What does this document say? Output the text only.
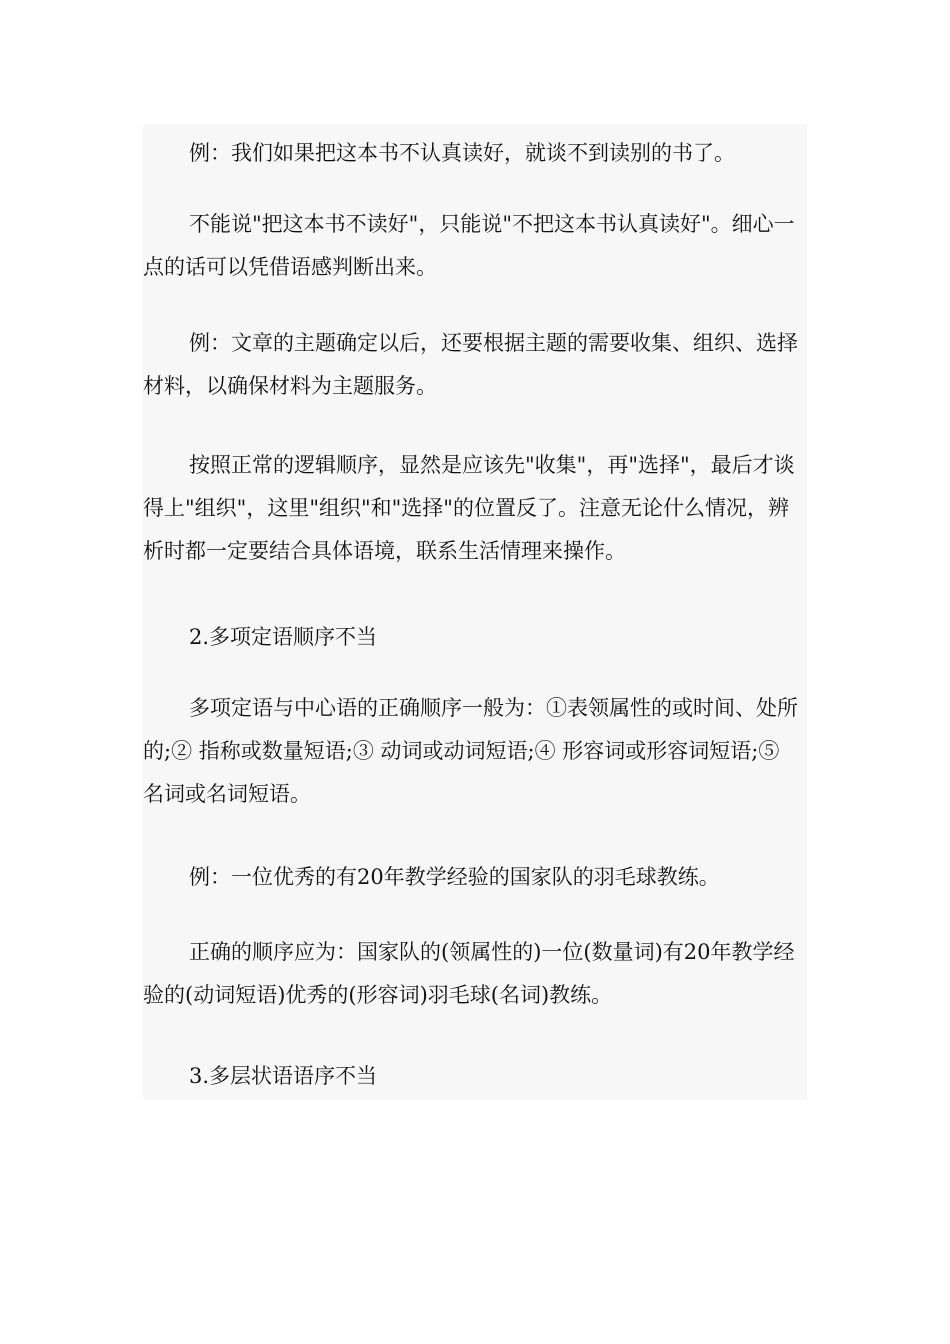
例：我们如果把这本书不认真读好，就谈不到读别的书了。

不能说"把这本书不读好"，只能说"不把这本书认真读好"。细心一点的话可以凭借语感判断出来。

例：文章的主题确定以后，还要根据主题的需要收集、组织、选择材料，以确保材料为主题服务。

按照正常的逻辑顺序，显然是应该先"收集"，再"选择"，最后才谈得上"组织"，这里"组织"和"选择"的位置反了。注意无论什么情况，辨析时都一定要结合具体语境，联系生活情理来操作。

2.多项定语顺序不当

多项定语与中心语的正确顺序一般为：①表领属性的或时间、处所的;② 指称或数量短语;③ 动词或动词短语;④ 形容词或形容词短语;⑤ 名词或名词短语。

例：一位优秀的有20年教学经验的国家队的羽毛球教练。

正确的顺序应为：国家队的(领属性的)一位(数量词)有20年教学经验的(动词短语)优秀的(形容词)羽毛球(名词)教练。

3.多层状语语序不当
